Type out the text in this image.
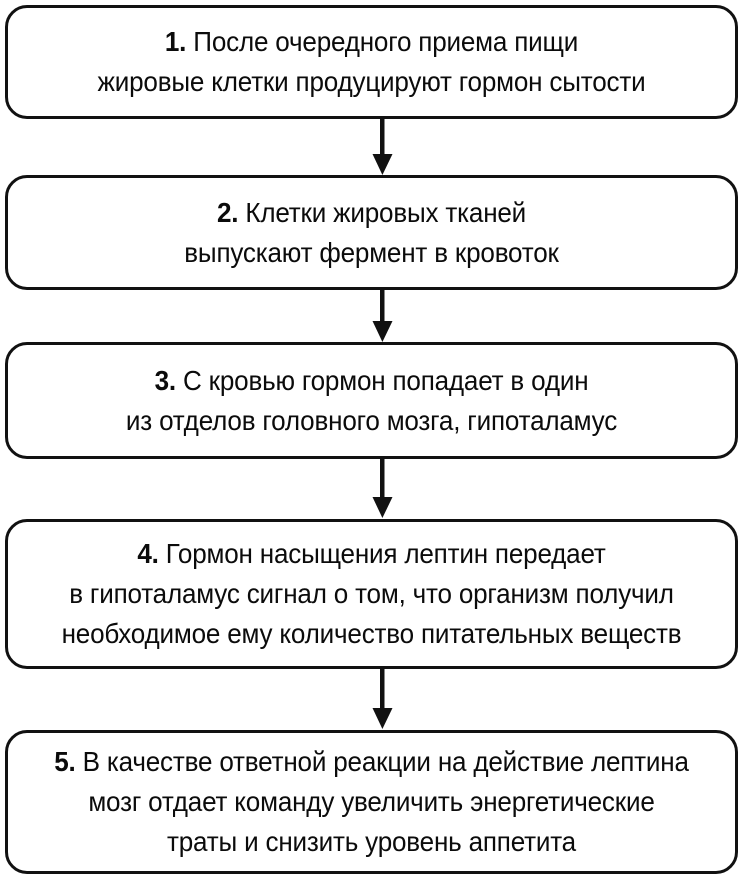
1. После очередного приема пищи
жировые клетки продуцируют гормон сытости
2. Клетки жировых тканей
выпускают фермент в кровоток
3. С кровью гормон попадает в один
из отделов головного мозга, гипоталамус
4. Гормон насыщения лептин передает
в гипоталамус сигнал о том, что организм получил
необходимое ему количество питательных веществ
5. В качестве ответной реакции на действие лептина
мозг отдает команду увеличить энергетические
траты и снизить уровень аппетита
